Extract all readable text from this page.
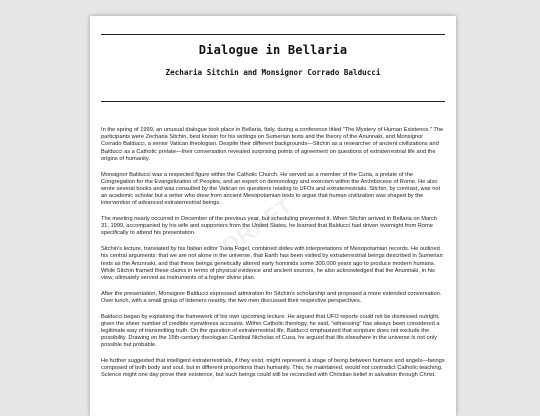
Dialogue in Bellaria
Zecharia Sitchin and Monsignor Corrado Balducci
DRAFT

In the spring of 1999, an unusual dialogue took place in Bellaria, Italy, during a conference titled “The Mystery of Human Existence.” The participants were Zecharia Sitchin, best known for his writings on Sumerian texts and the theory of the Anunnaki, and Monsignor Corrado Balducci, a senior Vatican theologian. Despite their different backgrounds—Sitchin as a researcher of ancient civilizations and Balducci as a Catholic prelate—their conversation revealed surprising points of agreement on questions of extraterrestrial life and the origins of humanity.

Monsignor Balducci was a respected figure within the Catholic Church. He served as a member of the Curia, a prelate of the Congregation for the Evangelization of Peoples, and an expert on demonology and exorcism within the Archdiocese of Rome. He also wrote several books and was consulted by the Vatican on questions relating to UFOs and extraterrestrials. Sitchin, by contrast, was not an academic scholar but a writer who drew from ancient Mesopotamian texts to argue that human civilization was shaped by the intervention of advanced extraterrestrial beings.

The meeting nearly occurred in December of the previous year, but scheduling prevented it. When Sitchin arrived in Bellaria on March 31, 1999, accompanied by his wife and supporters from the United States, he learned that Balducci had driven overnight from Rome specifically to attend his presentation.

Sitchin’s lecture, translated by his Italian editor Tuvia Fogel, combined slides with interpretations of Mesopotamian records. He outlined his central arguments: that we are not alone in the universe, that Earth has been visited by extraterrestrial beings described in Sumerian texts as the Anunnaki, and that these beings genetically altered early hominids some 300,000 years ago to produce modern humans. While Sitchin framed these claims in terms of physical evidence and ancient sources, he also acknowledged that the Anunnaki, in his view, ultimately served as instruments of a higher divine plan.

After the presentation, Monsignor Balducci expressed admiration for Sitchin’s scholarship and proposed a more extended conversation. Over lunch, with a small group of listeners nearby, the two men discussed their respective perspectives.

Balducci began by explaining the framework of his own upcoming lecture. He argued that UFO reports could not be dismissed outright, given the sheer number of credible eyewitness accounts. Within Catholic theology, he said, “witnessing” has always been considered a legitimate way of transmitting truth. On the question of extraterrestrial life, Balducci emphasized that scripture does not exclude the possibility. Drawing on the 15th-century theologian Cardinal Nicholas of Cusa, he argued that life elsewhere in the universe is not only possible but probable.

He further suggested that intelligent extraterrestrials, if they exist, might represent a stage of being between humans and angels—beings composed of both body and soul, but in different proportions than humanity. This, he maintained, would not contradict Catholic teaching. Science might one day prove their existence, but such beings could still be reconciled with Christian belief in salvation through Christ.
